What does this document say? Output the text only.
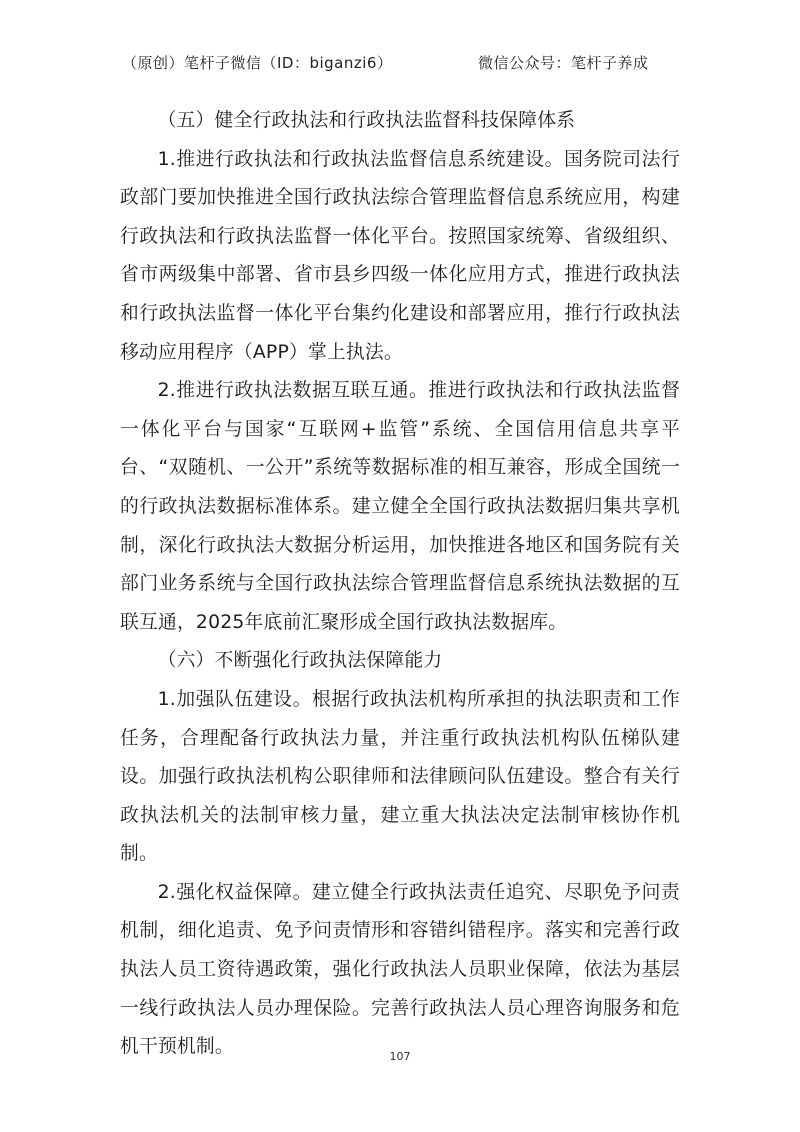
（原创）笔杆子微信（ID：biganzi6）	微信公众号：笔杆子养成

（五）健全行政执法和行政执法监督科技保障体系

1.推进行政执法和行政执法监督信息系统建设。国务院司法行政部门要加快推进全国行政执法综合管理监督信息系统应用，构建行政执法和行政执法监督一体化平台。按照国家统筹、省级组织、省市两级集中部署、省市县乡四级一体化应用方式，推进行政执法和行政执法监督一体化平台集约化建设和部署应用，推行行政执法移动应用程序（APP）掌上执法。

2.推进行政执法数据互联互通。推进行政执法和行政执法监督一体化平台与国家“互联网+监管”系统、全国信用信息共享平台、“双随机、一公开”系统等数据标准的相互兼容，形成全国统一的行政执法数据标准体系。建立健全全国行政执法数据归集共享机制，深化行政执法大数据分析运用，加快推进各地区和国务院有关部门业务系统与全国行政执法综合管理监督信息系统执法数据的互联互通，2025年底前汇聚形成全国行政执法数据库。

（六）不断强化行政执法保障能力

1.加强队伍建设。根据行政执法机构所承担的执法职责和工作任务，合理配备行政执法力量，并注重行政执法机构队伍梯队建设。加强行政执法机构公职律师和法律顾问队伍建设。整合有关行政执法机关的法制审核力量，建立重大执法决定法制审核协作机制。

2.强化权益保障。建立健全行政执法责任追究、尽职免予问责机制，细化追责、免予问责情形和容错纠错程序。落实和完善行政执法人员工资待遇政策，强化行政执法人员职业保障，依法为基层一线行政执法人员办理保险。完善行政执法人员心理咨询服务和危机干预机制。	107
